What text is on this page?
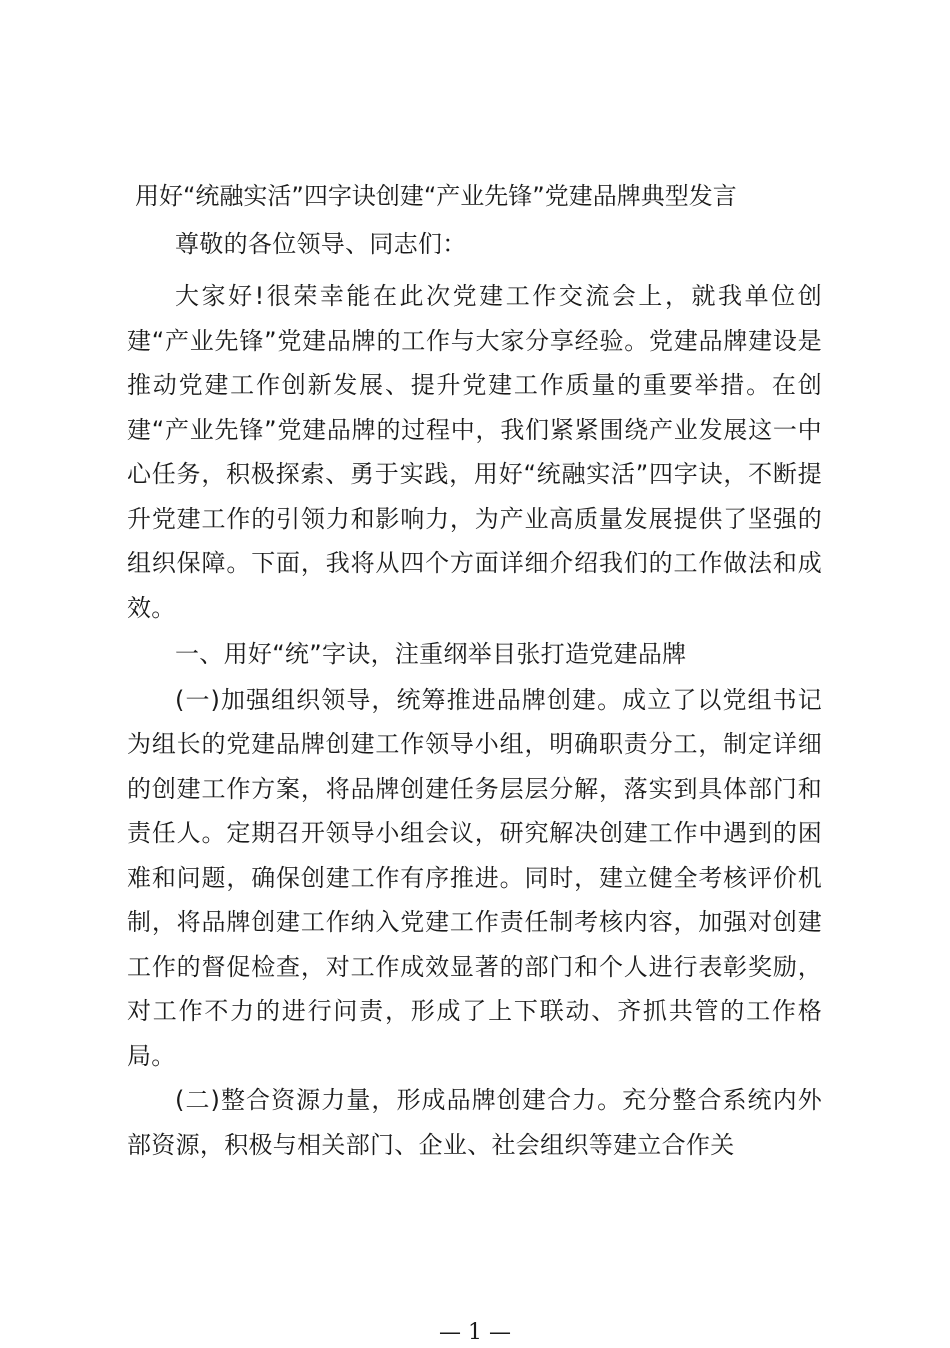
用好“统融实活”四字诀创建“产业先锋”党建品牌典型发言

尊敬的各位领导、同志们：

大家好!很荣幸能在此次党建工作交流会上，就我单位创建“产业先锋”党建品牌的工作与大家分享经验。党建品牌建设是推动党建工作创新发展、提升党建工作质量的重要举措。在创建“产业先锋”党建品牌的过程中，我们紧紧围绕产业发展这一中心任务，积极探索、勇于实践，用好“统融实活”四字诀，不断提升党建工作的引领力和影响力，为产业高质量发展提供了坚强的组织保障。下面，我将从四个方面详细介绍我们的工作做法和成效。

一、用好“统”字诀，注重纲举目张打造党建品牌

(一)加强组织领导，统筹推进品牌创建。成立了以党组书记为组长的党建品牌创建工作领导小组，明确职责分工，制定详细的创建工作方案，将品牌创建任务层层分解，落实到具体部门和责任人。定期召开领导小组会议，研究解决创建工作中遇到的困难和问题，确保创建工作有序推进。同时，建立健全考核评价机制，将品牌创建工作纳入党建工作责任制考核内容，加强对创建工作的督促检查，对工作成效显著的部门和个人进行表彰奖励，对工作不力的进行问责，形成了上下联动、齐抓共管的工作格局。

(二)整合资源力量，形成品牌创建合力。充分整合系统内外部资源，积极与相关部门、企业、社会组织等建立合作关

— 1 —
